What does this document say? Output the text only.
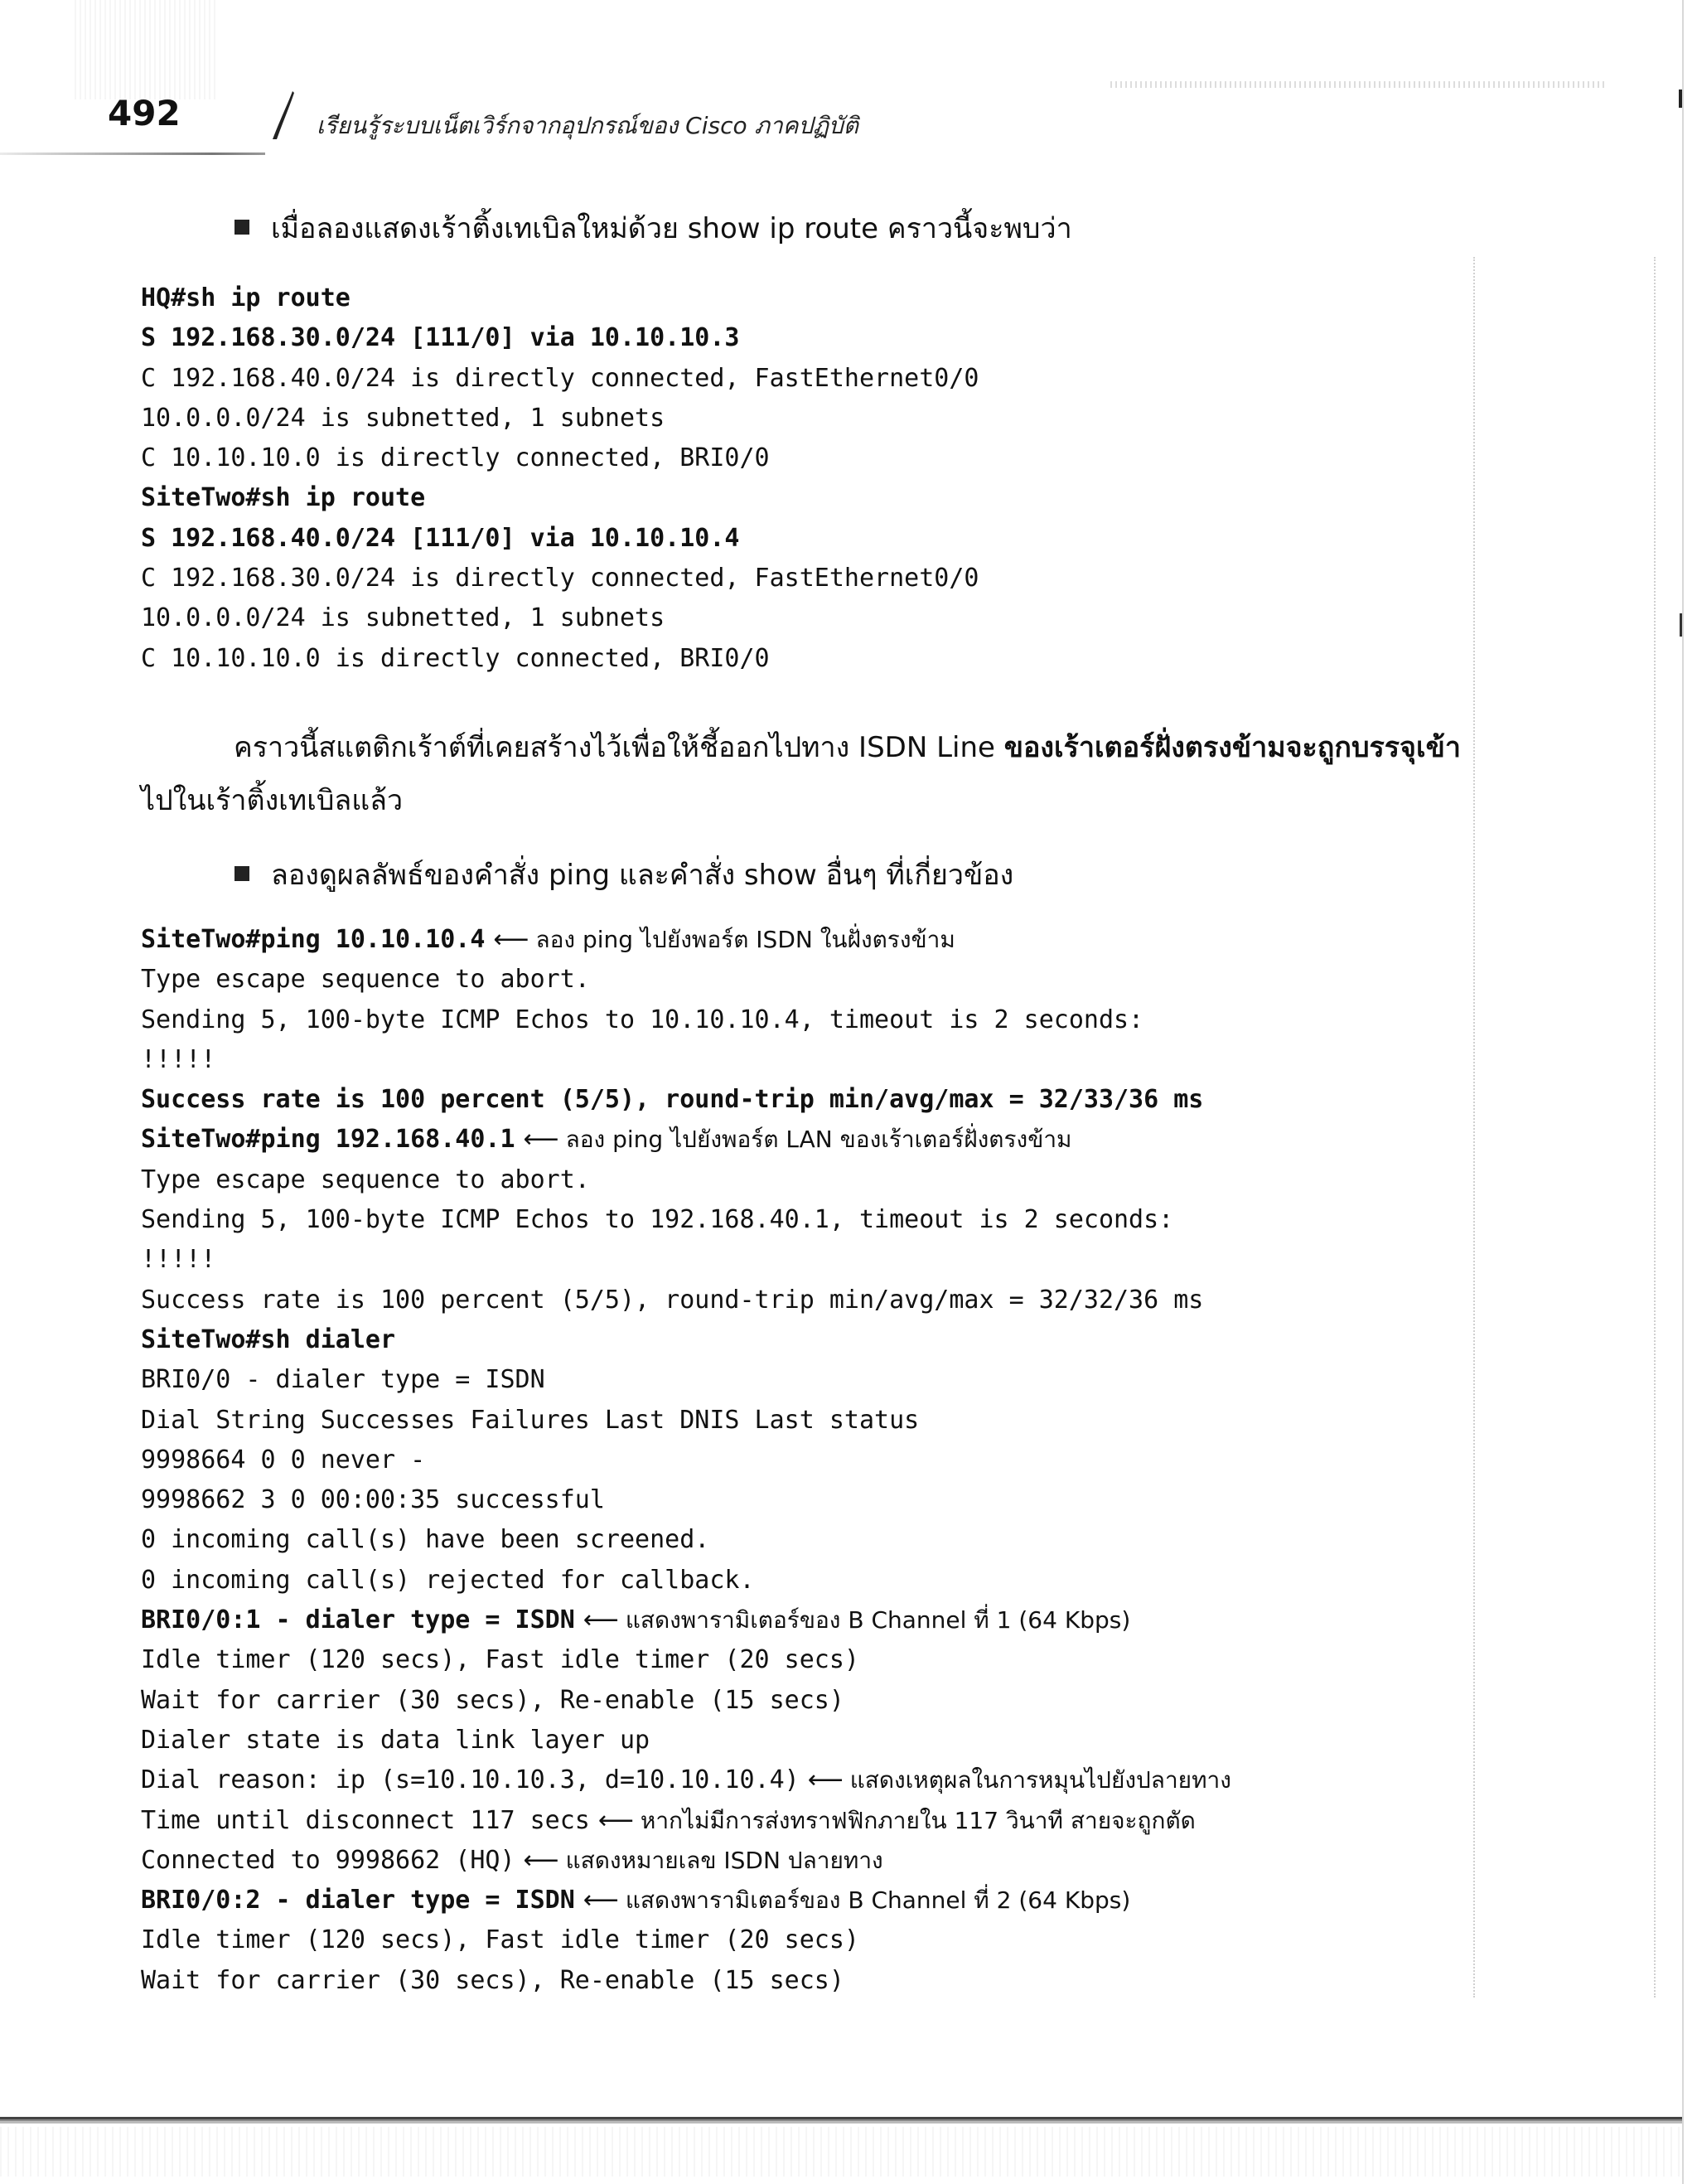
492	เรียนรู้ระบบเน็ตเวิร์กจากอุปกรณ์ของ Cisco ภาคปฏิบัติ
เมื่อลองแสดงเร้าติ้งเทเบิลใหม่ด้วย show ip route คราวนี้จะพบว่า
HQ#sh ip route
S 192.168.30.0/24 [111/0] via 10.10.10.3
C 192.168.40.0/24 is directly connected, FastEthernet0/0
10.0.0.0/24 is subnetted, 1 subnets
C 10.10.10.0 is directly connected, BRI0/0
SiteTwo#sh ip route
S 192.168.40.0/24 [111/0] via 10.10.10.4
C 192.168.30.0/24 is directly connected, FastEthernet0/0
10.0.0.0/24 is subnetted, 1 subnets
C 10.10.10.0 is directly connected, BRI0/0
คราวนี้สแตติกเร้าต์ที่เคยสร้างไว้เพื่อให้ชี้ออกไปทาง ISDN Line ของเร้าเตอร์ฝั่งตรงข้ามจะถูกบรรจุเข้า
ไปในเร้าติ้งเทเบิลแล้ว
ลองดูผลลัพธ์ของคำสั่ง ping และคำสั่ง show อื่นๆ ที่เกี่ยวข้อง
SiteTwo#ping 10.10.10.4 ⟵ ลอง ping ไปยังพอร์ต ISDN ในฝั่งตรงข้าม
Type escape sequence to abort.
Sending 5, 100-byte ICMP Echos to 10.10.10.4, timeout is 2 seconds:
!!!!!
Success rate is 100 percent (5/5), round-trip min/avg/max = 32/33/36 ms
SiteTwo#ping 192.168.40.1 ⟵ ลอง ping ไปยังพอร์ต LAN ของเร้าเตอร์ฝั่งตรงข้าม
Type escape sequence to abort.
Sending 5, 100-byte ICMP Echos to 192.168.40.1, timeout is 2 seconds:
!!!!!
Success rate is 100 percent (5/5), round-trip min/avg/max = 32/32/36 ms
SiteTwo#sh dialer
BRI0/0 - dialer type = ISDN
Dial String Successes Failures Last DNIS Last status
9998664 0 0 never -
9998662 3 0 00:00:35 successful
0 incoming call(s) have been screened.
0 incoming call(s) rejected for callback.
BRI0/0:1 - dialer type = ISDN ⟵ แสดงพารามิเตอร์ของ B Channel ที่ 1 (64 Kbps)
Idle timer (120 secs), Fast idle timer (20 secs)
Wait for carrier (30 secs), Re-enable (15 secs)
Dialer state is data link layer up
Dial reason: ip (s=10.10.10.3, d=10.10.10.4) ⟵ แสดงเหตุผลในการหมุนไปยังปลายทาง
Time until disconnect 117 secs ⟵ หากไม่มีการส่งทราฟฟิกภายใน 117 วินาที สายจะถูกตัด
Connected to 9998662 (HQ) ⟵ แสดงหมายเลข ISDN ปลายทาง
BRI0/0:2 - dialer type = ISDN ⟵ แสดงพารามิเตอร์ของ B Channel ที่ 2 (64 Kbps)
Idle timer (120 secs), Fast idle timer (20 secs)
Wait for carrier (30 secs), Re-enable (15 secs)
